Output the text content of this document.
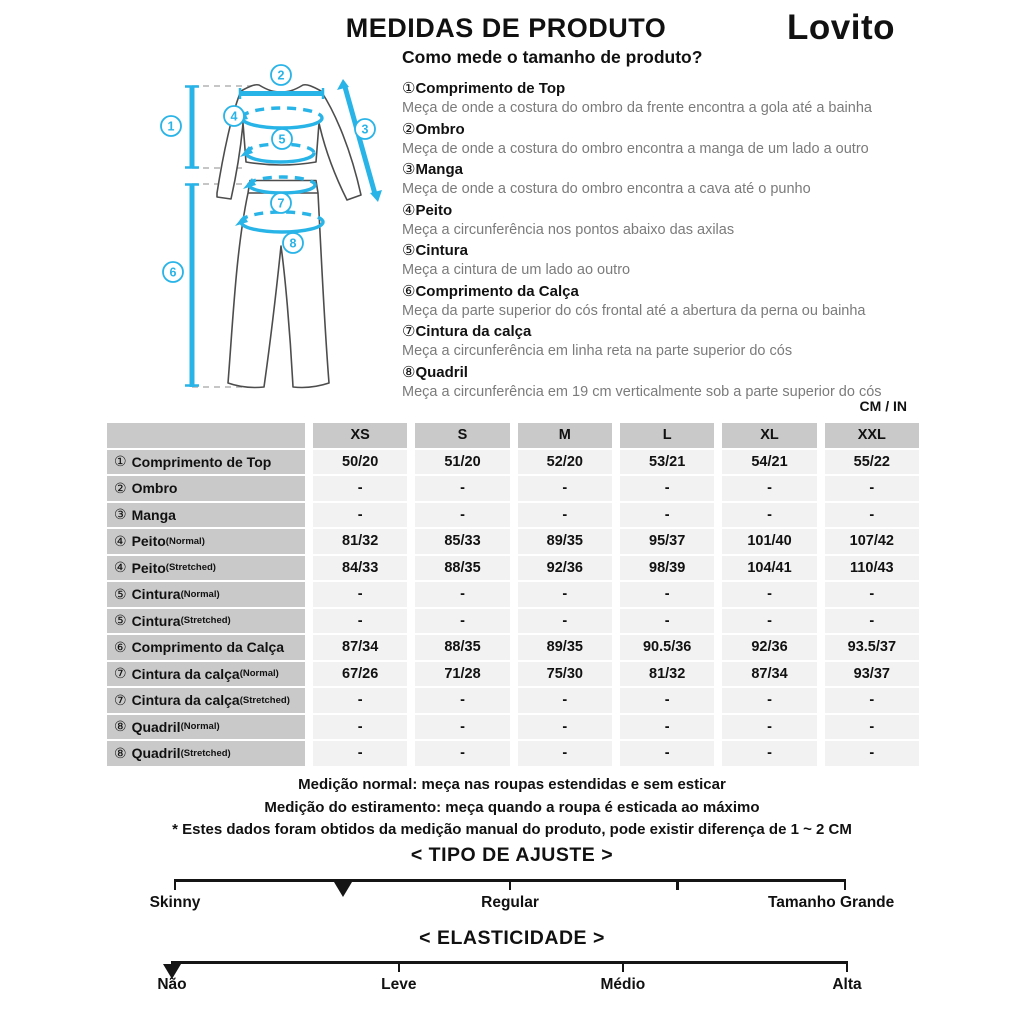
MEDIDAS DE PRODUTO	Lovito
1
2
3
4
5
6
7
8
Como mede o tamanho de produto?
①Comprimento de Top
Meça de onde a costura do ombro da frente encontra a gola até a bainha
②Ombro
Meça de onde a costura do ombro encontra a manga de um lado a outro
③Manga
Meça de onde a costura do ombro encontra a cava até o punho
④Peito
Meça a circunferência nos pontos abaixo das axilas
⑤Cintura
Meça a cintura de um lado ao outro
⑥Comprimento da Calça
Meça da parte superior do cós frontal até a abertura da perna ou bainha
⑦Cintura da calça
Meça a circunferência em linha reta na parte superior do cós
⑧Quadril
Meça a circunferência em 19 cm verticalmente sob a parte superior do cós
CM / IN
XS	S	M	L	XL	XXL
① Comprimento de Top	50/20	51/20	52/20	53/21	54/21	55/22
② Ombro	-	-	-	-	-	-
③ Manga	-	-	-	-	-	-
④ Peito (Normal)	81/32	85/33	89/35	95/37	101/40	107/42
④ Peito (Stretched)	84/33	88/35	92/36	98/39	104/41	110/43
⑤ Cintura (Normal)	-	-	-	-	-	-
⑤ Cintura (Stretched)	-	-	-	-	-	-
⑥ Comprimento da Calça	87/34	88/35	89/35	90.5/36	92/36	93.5/37
⑦ Cintura da calça (Normal)	67/26	71/28	75/30	81/32	87/34	93/37
⑦ Cintura da calça (Stretched)	-	-	-	-	-	-
⑧ Quadril (Normal)	-	-	-	-	-	-
⑧ Quadril (Stretched)	-	-	-	-	-	-
Medição normal: meça nas roupas estendidas e sem esticar
Medição do estiramento: meça quando a roupa é esticada ao máximo
* Estes dados foram obtidos da medição manual do produto, pode existir diferença de 1 ~ 2 CM
< TIPO DE AJUSTE >
Skinny	Regular	Tamanho Grande
< ELASTICIDADE >
Não	Leve	Médio	Alta
